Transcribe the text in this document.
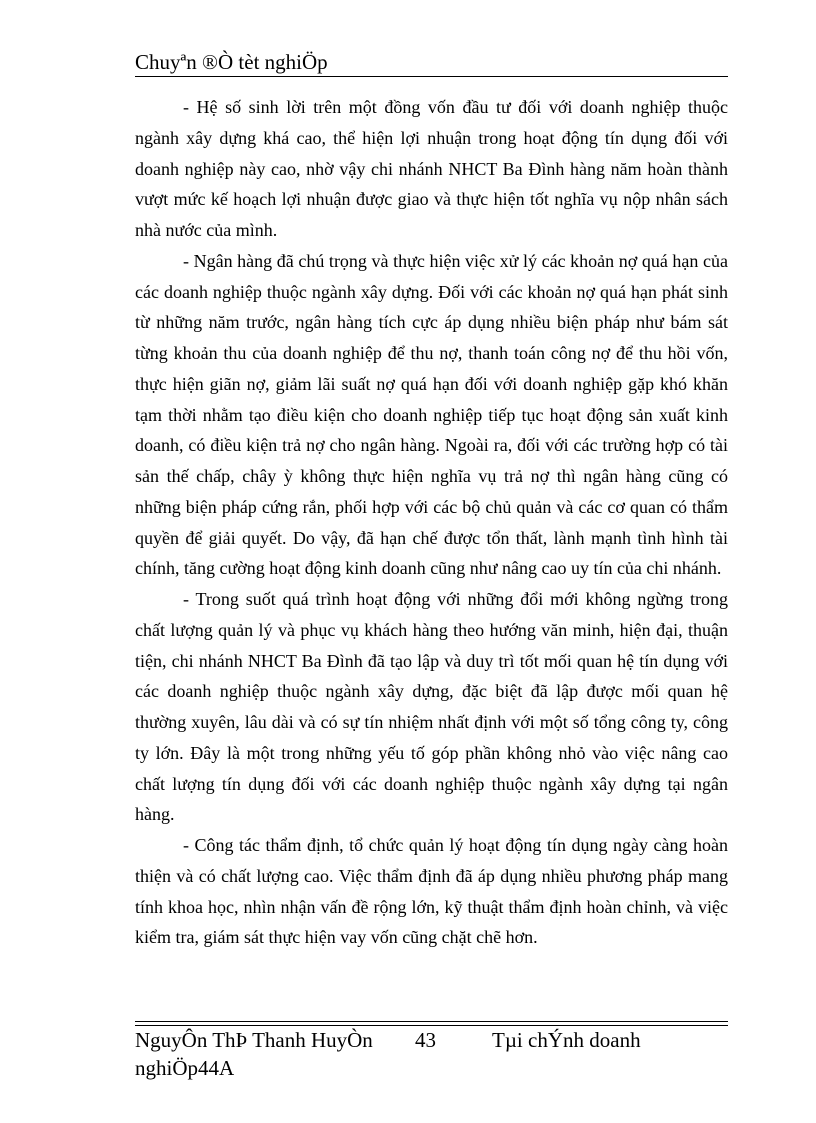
Chuyªn ®Ò tèt nghiÖp

- Hệ số sinh lời trên một đồng vốn đầu tư đối với doanh nghiệp thuộc ngành xây dựng khá cao, thể hiện lợi nhuận trong hoạt động tín dụng đối với doanh nghiệp này cao, nhờ vậy chi nhánh NHCT Ba Đình hàng năm hoàn thành vượt mức kế hoạch lợi nhuận được giao và thực hiện tốt nghĩa vụ nộp nhân sách nhà nước của mình.

- Ngân hàng đã chú trọng và thực hiện việc xử lý các khoản nợ quá hạn của các doanh nghiệp thuộc ngành xây dựng. Đối với các khoản nợ quá hạn phát sinh từ những năm trước, ngân hàng tích cực áp dụng nhiều biện pháp như bám sát từng khoản thu của doanh nghiệp để thu nợ, thanh toán công nợ để thu hồi vốn, thực hiện giãn nợ, giảm lãi suất nợ quá hạn đối với doanh nghiệp gặp khó khăn tạm thời nhằm tạo điều kiện cho doanh nghiệp tiếp tục hoạt động sản xuất kinh doanh, có điều kiện trả nợ cho ngân hàng. Ngoài ra, đối với các trường hợp có tài sản thế chấp, chây ỳ không thực hiện nghĩa vụ trả nợ thì ngân hàng cũng có những biện pháp cứng rắn, phối hợp với các bộ chủ quản và các cơ quan có thẩm quyền để giải quyết. Do vậy, đã hạn chế được tổn thất, lành mạnh tình hình tài chính, tăng cường hoạt động kinh doanh cũng như nâng cao uy tín của chi nhánh.

- Trong suốt quá trình hoạt động với những đổi mới không ngừng trong chất lượng quản lý và phục vụ khách hàng theo hướng văn minh, hiện đại, thuận tiện, chi nhánh NHCT Ba Đình đã tạo lập và duy trì tốt mối quan hệ tín dụng với các doanh nghiệp thuộc ngành xây dựng, đặc biệt đã lập được mối quan hệ thường xuyên, lâu dài và có sự tín nhiệm nhất định với một số tổng công ty, công ty lớn. Đây là một trong những yếu tố góp phần không nhỏ vào việc nâng cao chất lượng tín dụng đối với các doanh nghiệp thuộc ngành xây dựng tại ngân hàng.

- Công tác thẩm định, tổ chức quản lý hoạt động tín dụng ngày càng hoàn thiện và có chất lượng cao. Việc thẩm định đã áp dụng nhiều phương pháp mang tính khoa học, nhìn nhận vấn đề rộng lớn, kỹ thuật thẩm định hoàn chỉnh, và việc kiểm tra, giám sát thực hiện vay vốn cũng chặt chẽ hơn.

NguyÔn ThÞ Thanh HuyÒn 43	Tµi chÝnh doanh
nghiÖp44A
